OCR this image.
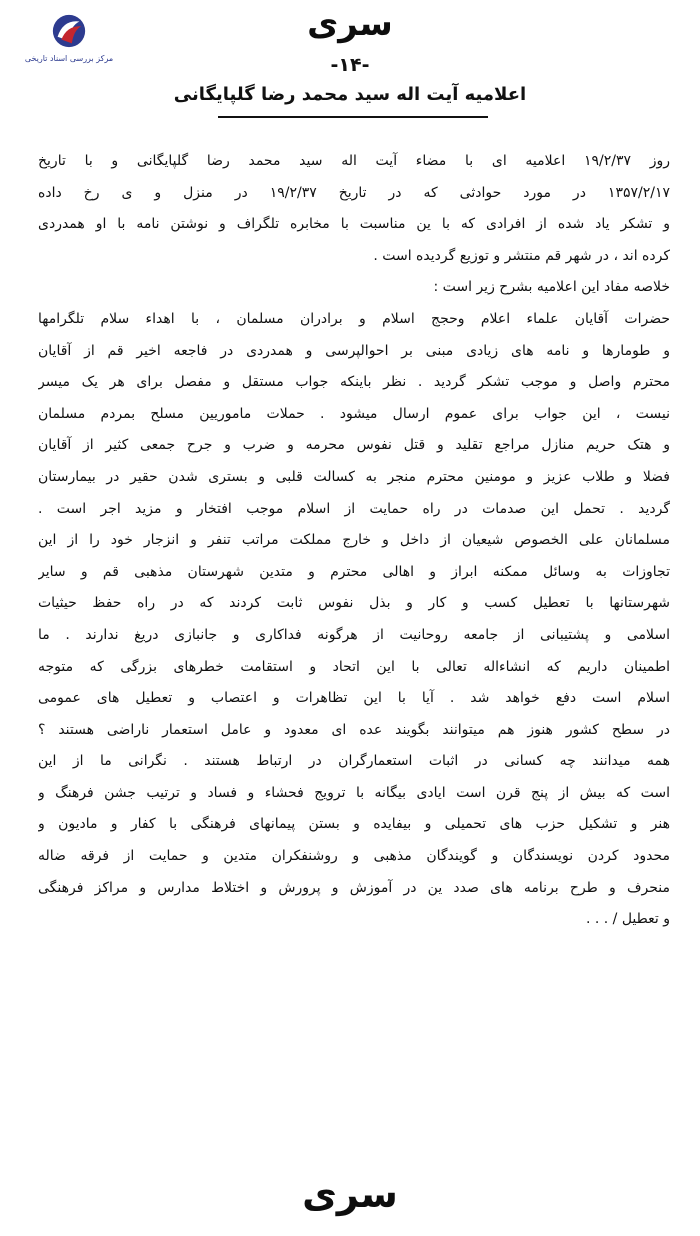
مرکز بررسی اسناد تاریخی
سری
-۱۴-
اعلامیه آیت اله سید محمد رضا گلپایگانی
روز ۱۹/۲/۳۷ اعلامیه ای با مضاء آیت اله سید محمد رضا گلپایگانی و با تاریخ
۱۳۵۷/۲/۱۷ در مورد حوادثی که در تاریخ ۱۹/۲/۳۷ در منزل و ی رخ داده
و تشکر یاد شده از افرادی که با ین مناسبت با مخابره تلگراف و نوشتن نامه با او همدردی
کرده اند ، در شهر قم منتشر و توزیع گردیده است .
خلاصه مفاد این اعلامیه بشرح زیر است :
حضرات آقایان علماء اعلام وحجج اسلام و برادران مسلمان ، با اهداء سلام تلگرامها
و طومارها و نامه های زیادی مبنی بر احوالپرسی و همدردی در فاجعه اخیر قم از آقایان
محترم واصل و موجب تشکر گردید . نظر باینکه جواب مستقل و مفصل برای هر یک میسر
نیست ، این جواب برای عموم ارسال میشود . حملات ماموریین مسلح بمردم مسلمان
و هتک حریم منازل مراجع تقلید و قتل نفوس محرمه و ضرب و جرح جمعی کثیر از آقایان
فضلا و طلاب عزیز و مومنین محترم منجر به کسالت قلبی و بستری شدن حقیر در بیمارستان
گردید . تحمل این صدمات در راه حمایت از اسلام موجب افتخار و مزید اجر است .
مسلمانان علی الخصوص شیعیان از داخل و خارج مملکت مراتب تنفر و انزجار خود را از این
تجاوزات به وسائل ممکنه ابراز و اهالی محترم و متدین شهرستان مذهبی قم و سایر
شهرستانها با تعطیل کسب و کار و بذل نفوس ثابت کردند که در راه حفظ حیثیات
اسلامی و پشتیبانی از جامعه روحانیت از هرگونه فداکاری و جانبازی دریغ ندارند . ما
اطمینان داریم که انشاءاله تعالی با این اتحاد و استقامت خطرهای بزرگی که متوجه
اسلام است دفع خواهد شد . آیا با این تظاهرات و اعتصاب و تعطیل های عمومی
در سطح کشور هنوز هم میتوانند بگویند عده ای معدود و عامل استعمار ناراضی هستند ؟
همه میدانند چه کسانی در اثبات استعمارگران در ارتباط هستند . نگرانی ما از این
است که بیش از پنج قرن است ایادی بیگانه با ترویج فحشاء و فساد و ترتیب جشن فرهنگ و
هنر و تشکیل حزب های تحمیلی و بیفایده و بستن پیمانهای فرهنگی با کفار و مادیون و
محدود کردن نویسندگان و گویندگان مذهبی و روشنفکران متدین و حمایت از فرقه ضاله
منحرف و طرح برنامه های صدد ین در آموزش و پرورش و اختلاط مدارس و مراکز فرهنگی
و تعطیل / . . .
سری
